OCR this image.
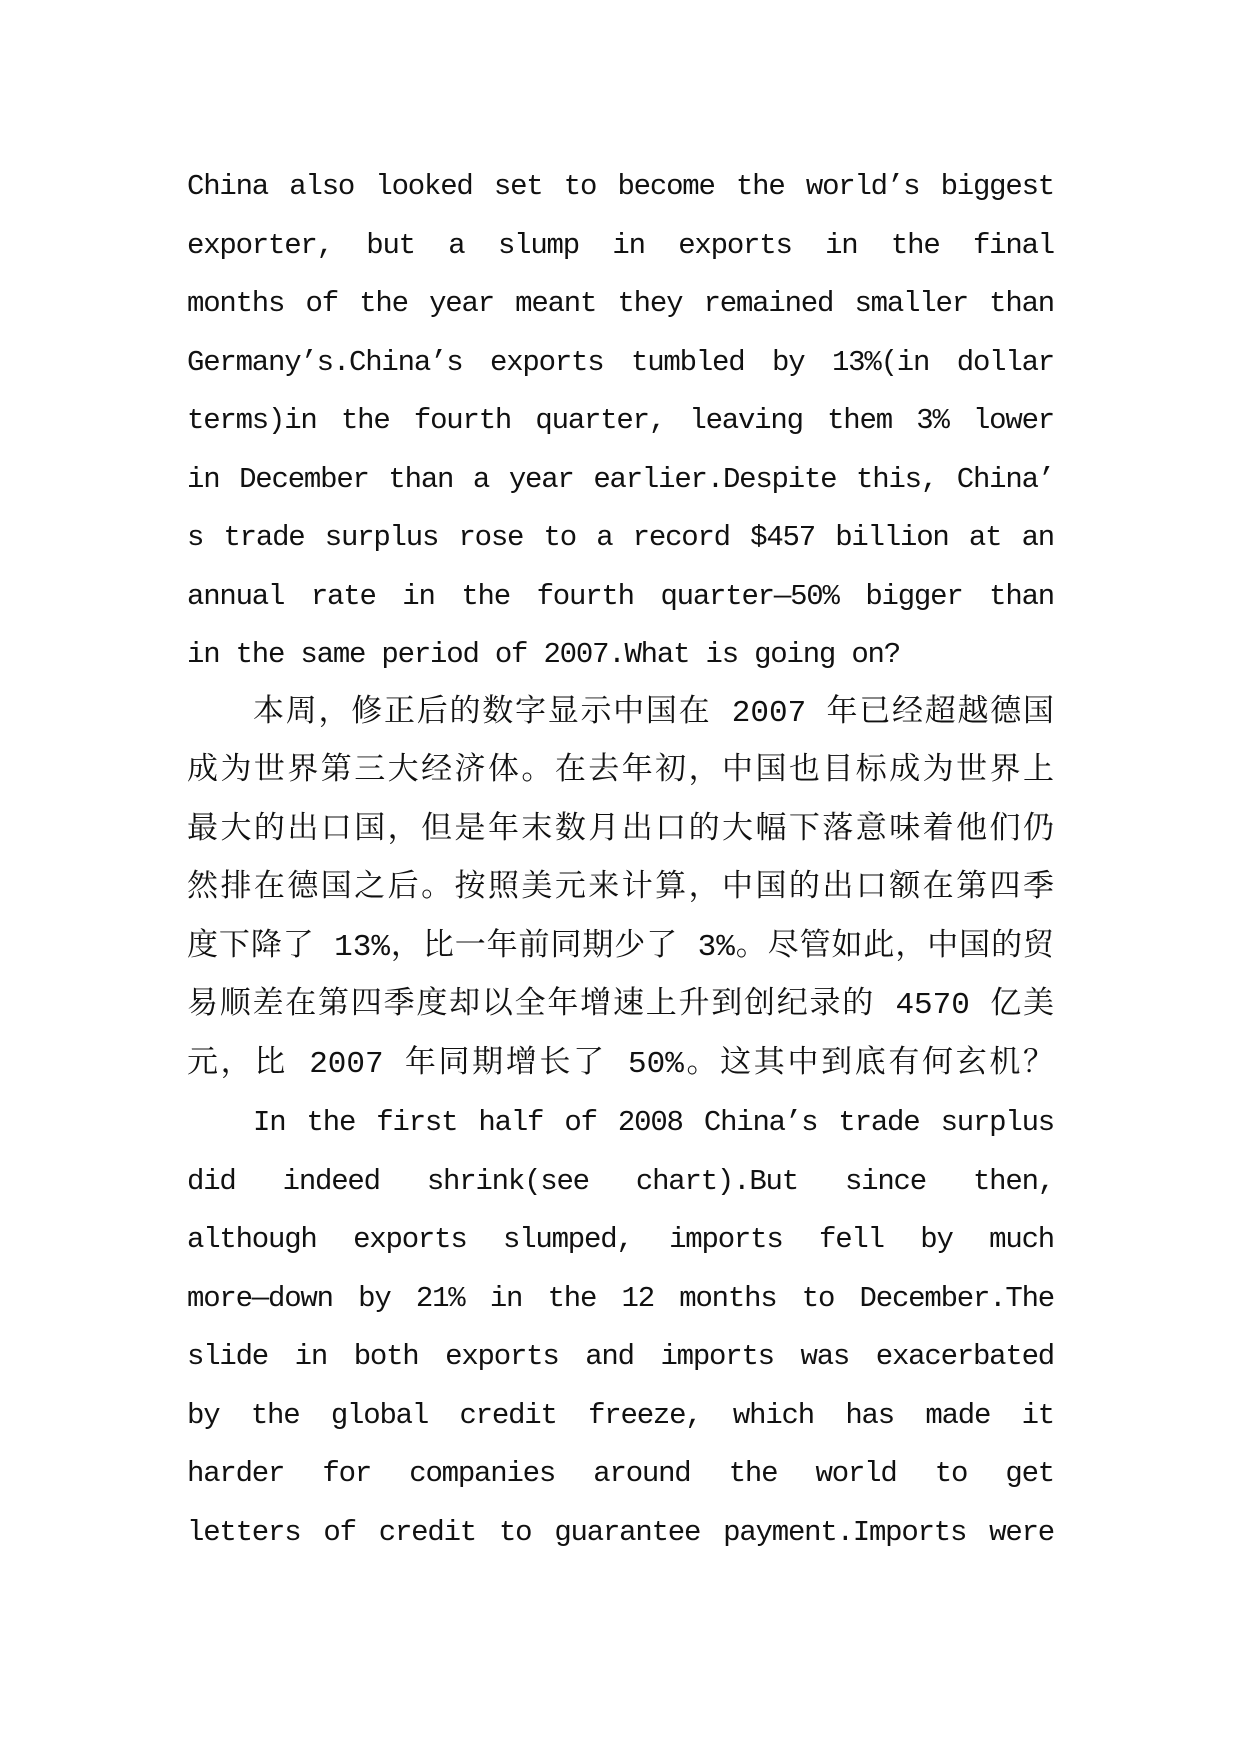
China also looked set to become the world’s biggest
exporter, but a slump in exports in the final
months of the year meant they remained smaller than
Germany’s.China’s exports tumbled by 13%(in dollar
terms)in the fourth quarter, leaving them 3% lower
in December than a year earlier.Despite this, China’
s trade surplus rose to a record $457 billion at an
annual rate in the fourth quarter—50% bigger than
in the same period of 2007.What is going on?
本周，修正后的数字显示中国在 2007 年已经超越德国
成为世界第三大经济体。在去年初，中国也目标成为世界上
最大的出口国，但是年末数月出口的大幅下落意味着他们仍
然排在德国之后。按照美元来计算，中国的出口额在第四季
度下降了 13%，比一年前同期少了 3%。尽管如此，中国的贸
易顺差在第四季度却以全年增速上升到创纪录的 4570 亿美
元，比 2007 年同期增长了 50%。这其中到底有何玄机？
In the first half of 2008 China’s trade surplus
did indeed shrink(see chart).But since then,
although exports slumped, imports fell by much
more—down by 21% in the 12 months to December.The
slide in both exports and imports was exacerbated
by the global credit freeze, which has made it
harder for companies around the world to get
letters of credit to guarantee payment.Imports were
